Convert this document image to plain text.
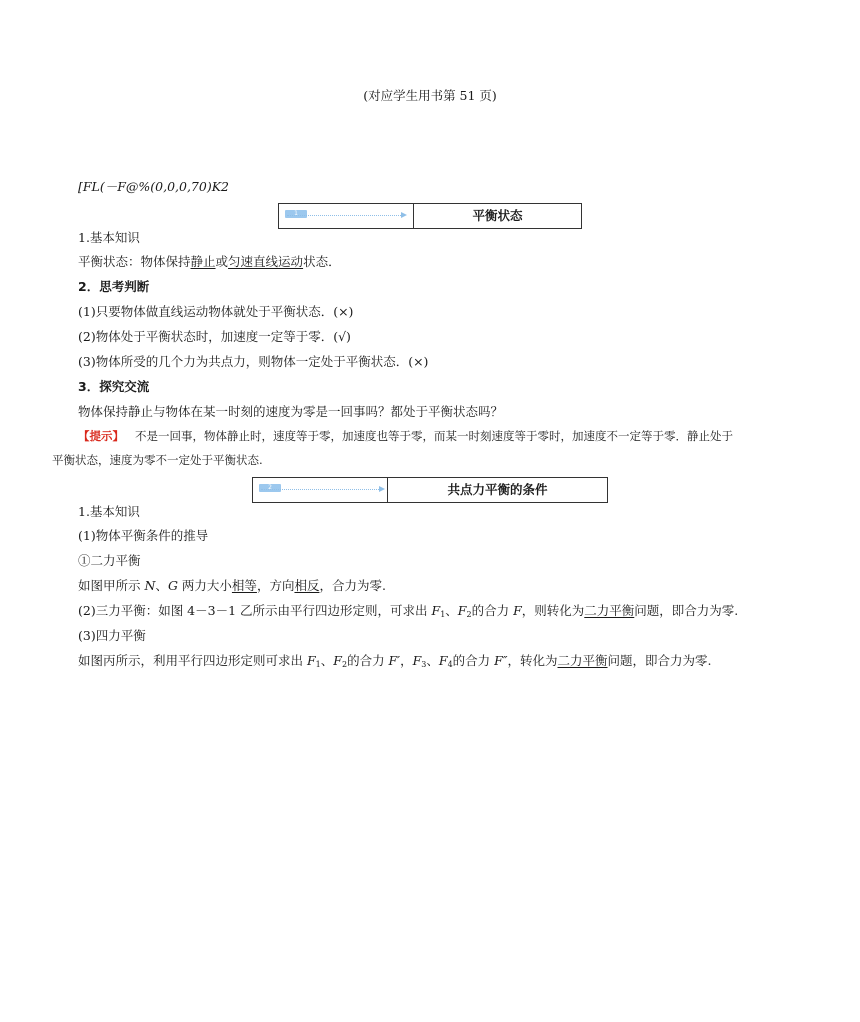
(对应学生用书第 51 页)
[FL(－F@%(0,0,0,70)K2
1	平衡状态
1.基本知识
平衡状态：物体保持静止或匀速直线运动状态．
2．思考判断
(1)只要物体做直线运动物体就处于平衡状态．(×)
(2)物体处于平衡状态时，加速度一定等于零．(√)
(3)物体所受的几个力为共点力，则物体一定处于平衡状态．(×)
3．探究交流
物体保持静止与物体在某一时刻的速度为零是一回事吗？都处于平衡状态吗？
【提示】 不是一回事，物体静止时，速度等于零，加速度也等于零，而某一时刻速度等于零时，加速度不一定等于零．静止处于
平衡状态，速度为零不一定处于平衡状态.
2	共点力平衡的条件
1.基本知识
(1)物体平衡条件的推导
①二力平衡
如图甲所示 N、G 两力大小相等，方向相反，合力为零.
(2)三力平衡：如图 4－3－1 乙所示由平行四边形定则，可求出 $F_1$、$F_2$的合力 F，则转化为二力平衡问题，即合力为零.
(3)四力平衡
如图丙所示，利用平行四边形定则可求出 $F_1$、$F_2$的合力 F′，$F_3$、$F_4$的合力 F″，转化为二力平衡问题，即合力为零.
